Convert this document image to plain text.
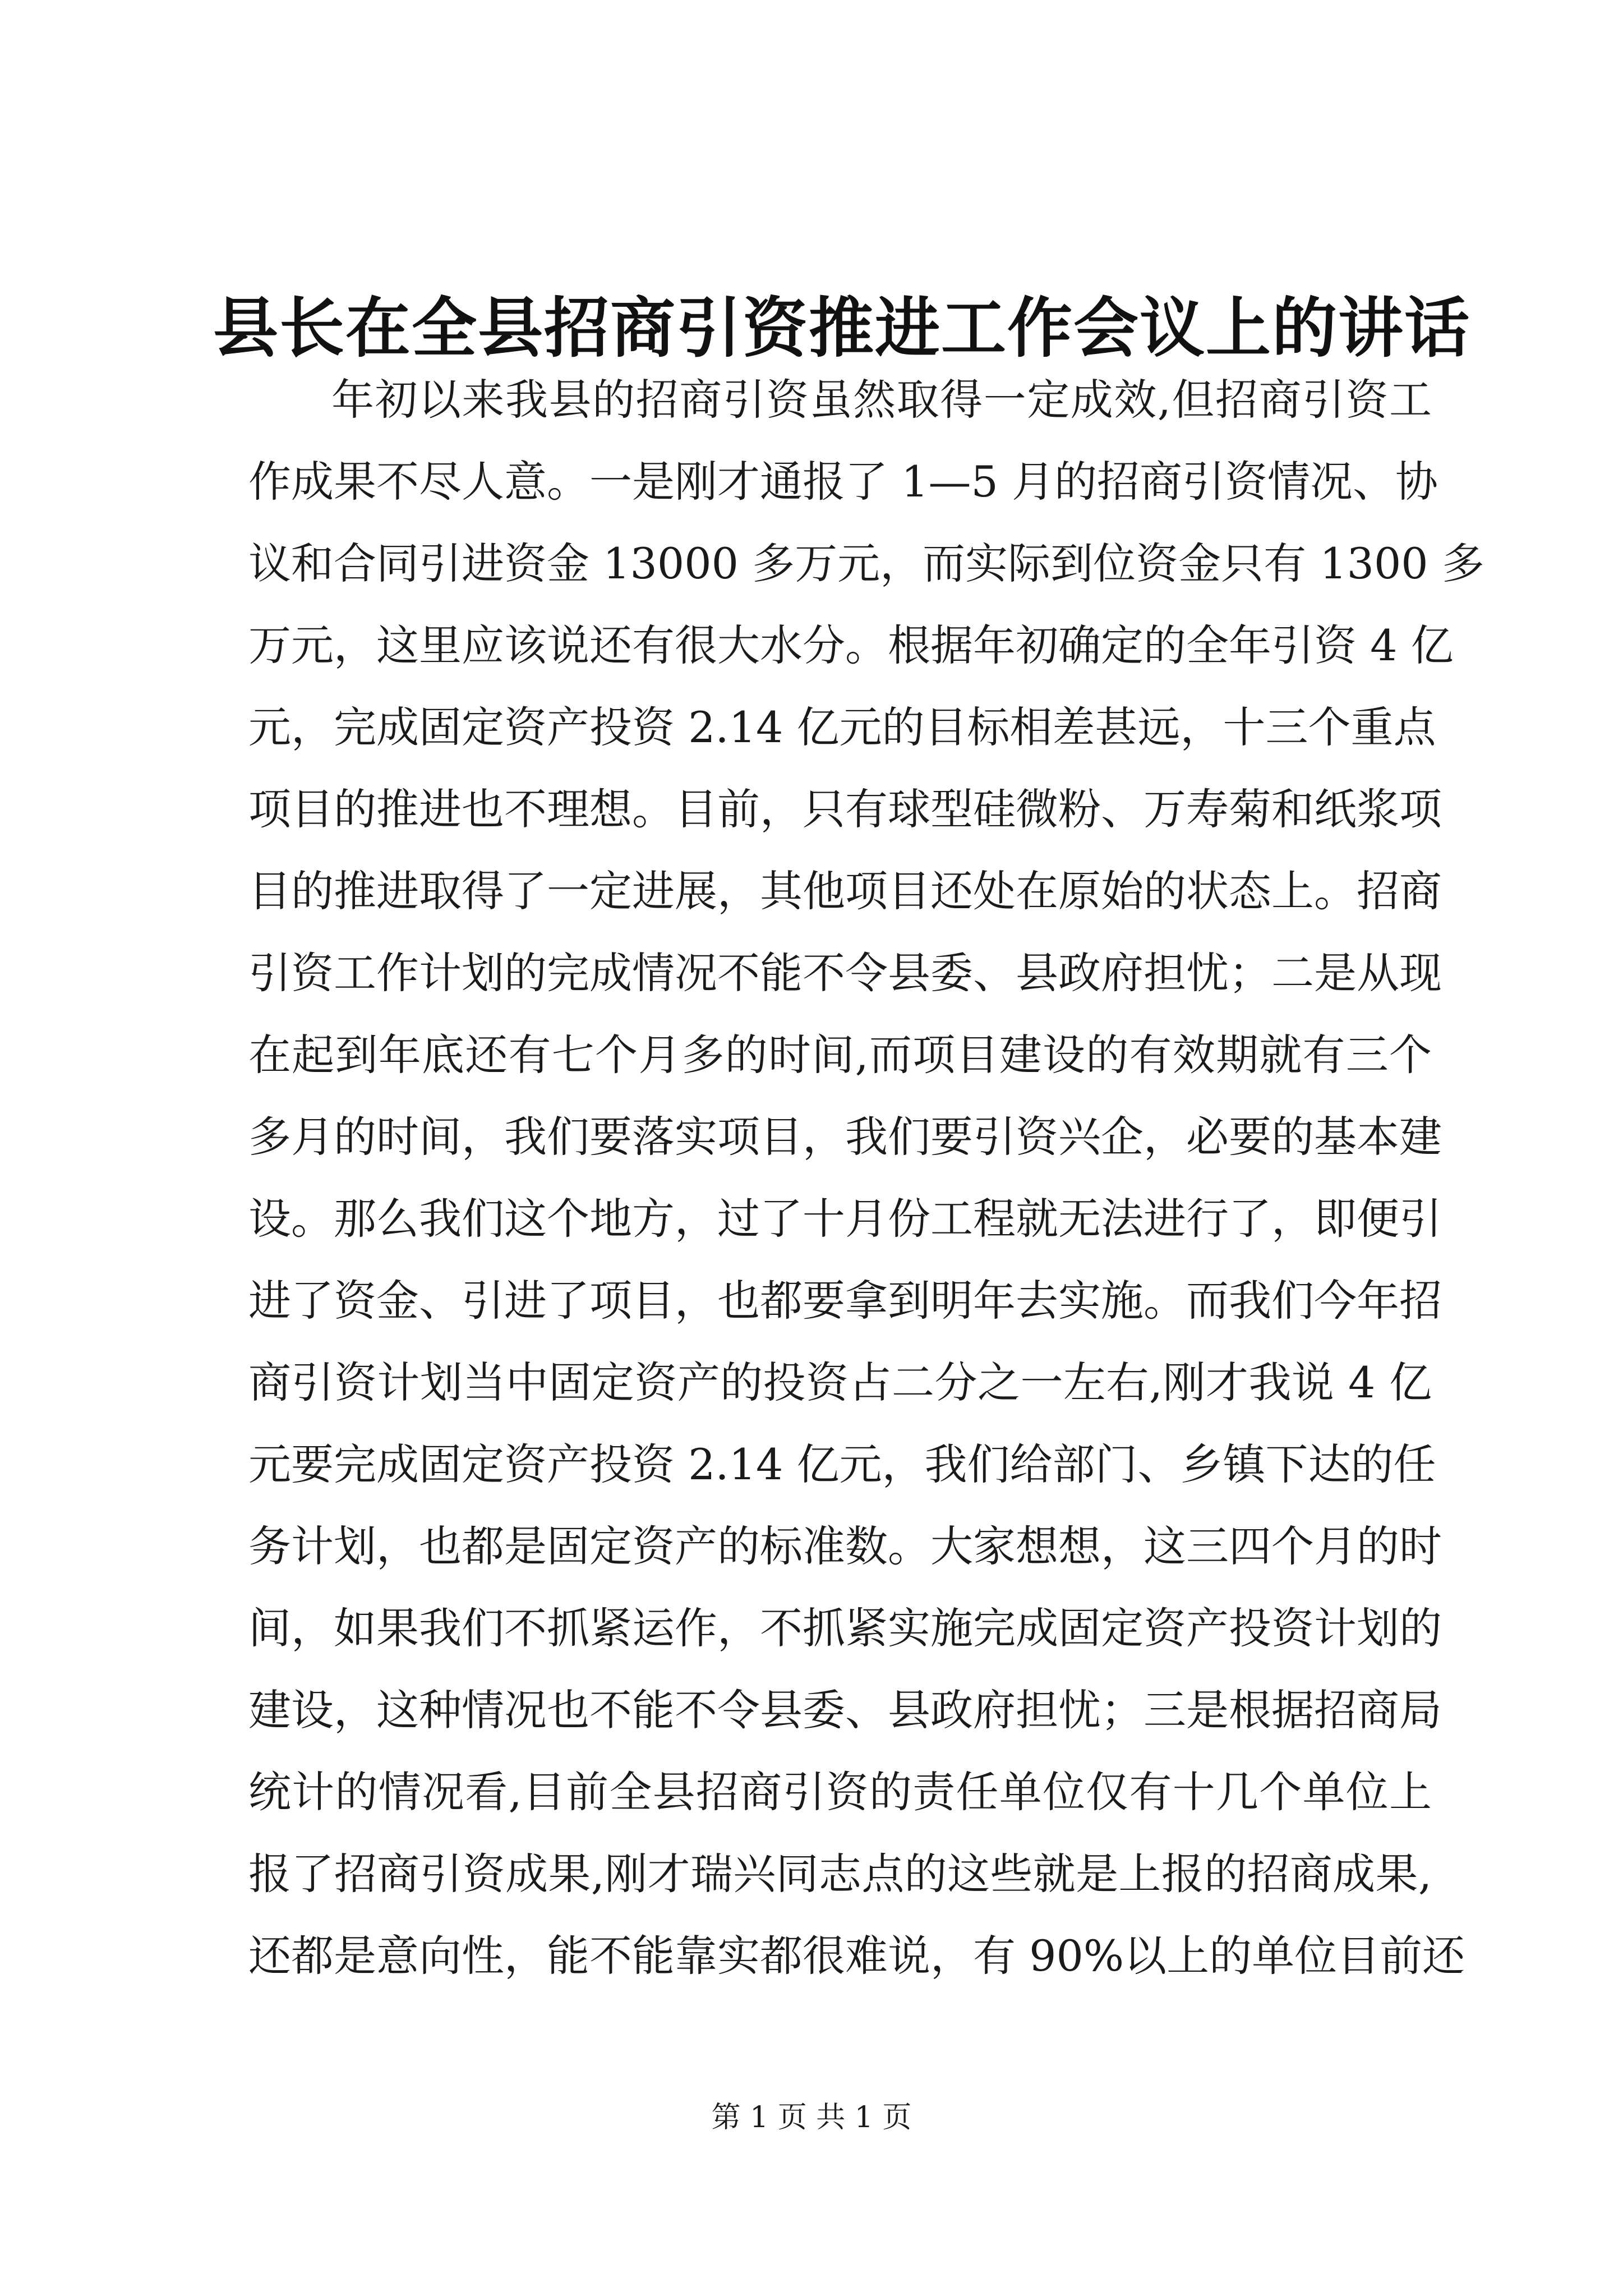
县长在全县招商引资推进工作会议上的讲话
年初以来我县的招商引资虽然取得一定成效,但招商引资工
作成果不尽人意。一是刚才通报了 1—5 月的招商引资情况、协
议和合同引进资金 13000 多万元，而实际到位资金只有 1300 多
万元，这里应该说还有很大水分。根据年初确定的全年引资 4 亿
元，完成固定资产投资 2.14 亿元的目标相差甚远，十三个重点
项目的推进也不理想。目前，只有球型硅微粉、万寿菊和纸浆项
目的推进取得了一定进展，其他项目还处在原始的状态上。招商
引资工作计划的完成情况不能不令县委、县政府担忧；二是从现
在起到年底还有七个月多的时间,而项目建设的有效期就有三个
多月的时间，我们要落实项目，我们要引资兴企，必要的基本建
设。那么我们这个地方，过了十月份工程就无法进行了，即便引
进了资金、引进了项目，也都要拿到明年去实施。而我们今年招
商引资计划当中固定资产的投资占二分之一左右,刚才我说 4 亿
元要完成固定资产投资 2.14 亿元，我们给部门、乡镇下达的任
务计划，也都是固定资产的标准数。大家想想，这三四个月的时
间，如果我们不抓紧运作，不抓紧实施完成固定资产投资计划的
建设，这种情况也不能不令县委、县政府担忧；三是根据招商局
统计的情况看,目前全县招商引资的责任单位仅有十几个单位上
报了招商引资成果,刚才瑞兴同志点的这些就是上报的招商成果,
还都是意向性，能不能靠实都很难说，有 90%以上的单位目前还
第 1 页 共 1 页
